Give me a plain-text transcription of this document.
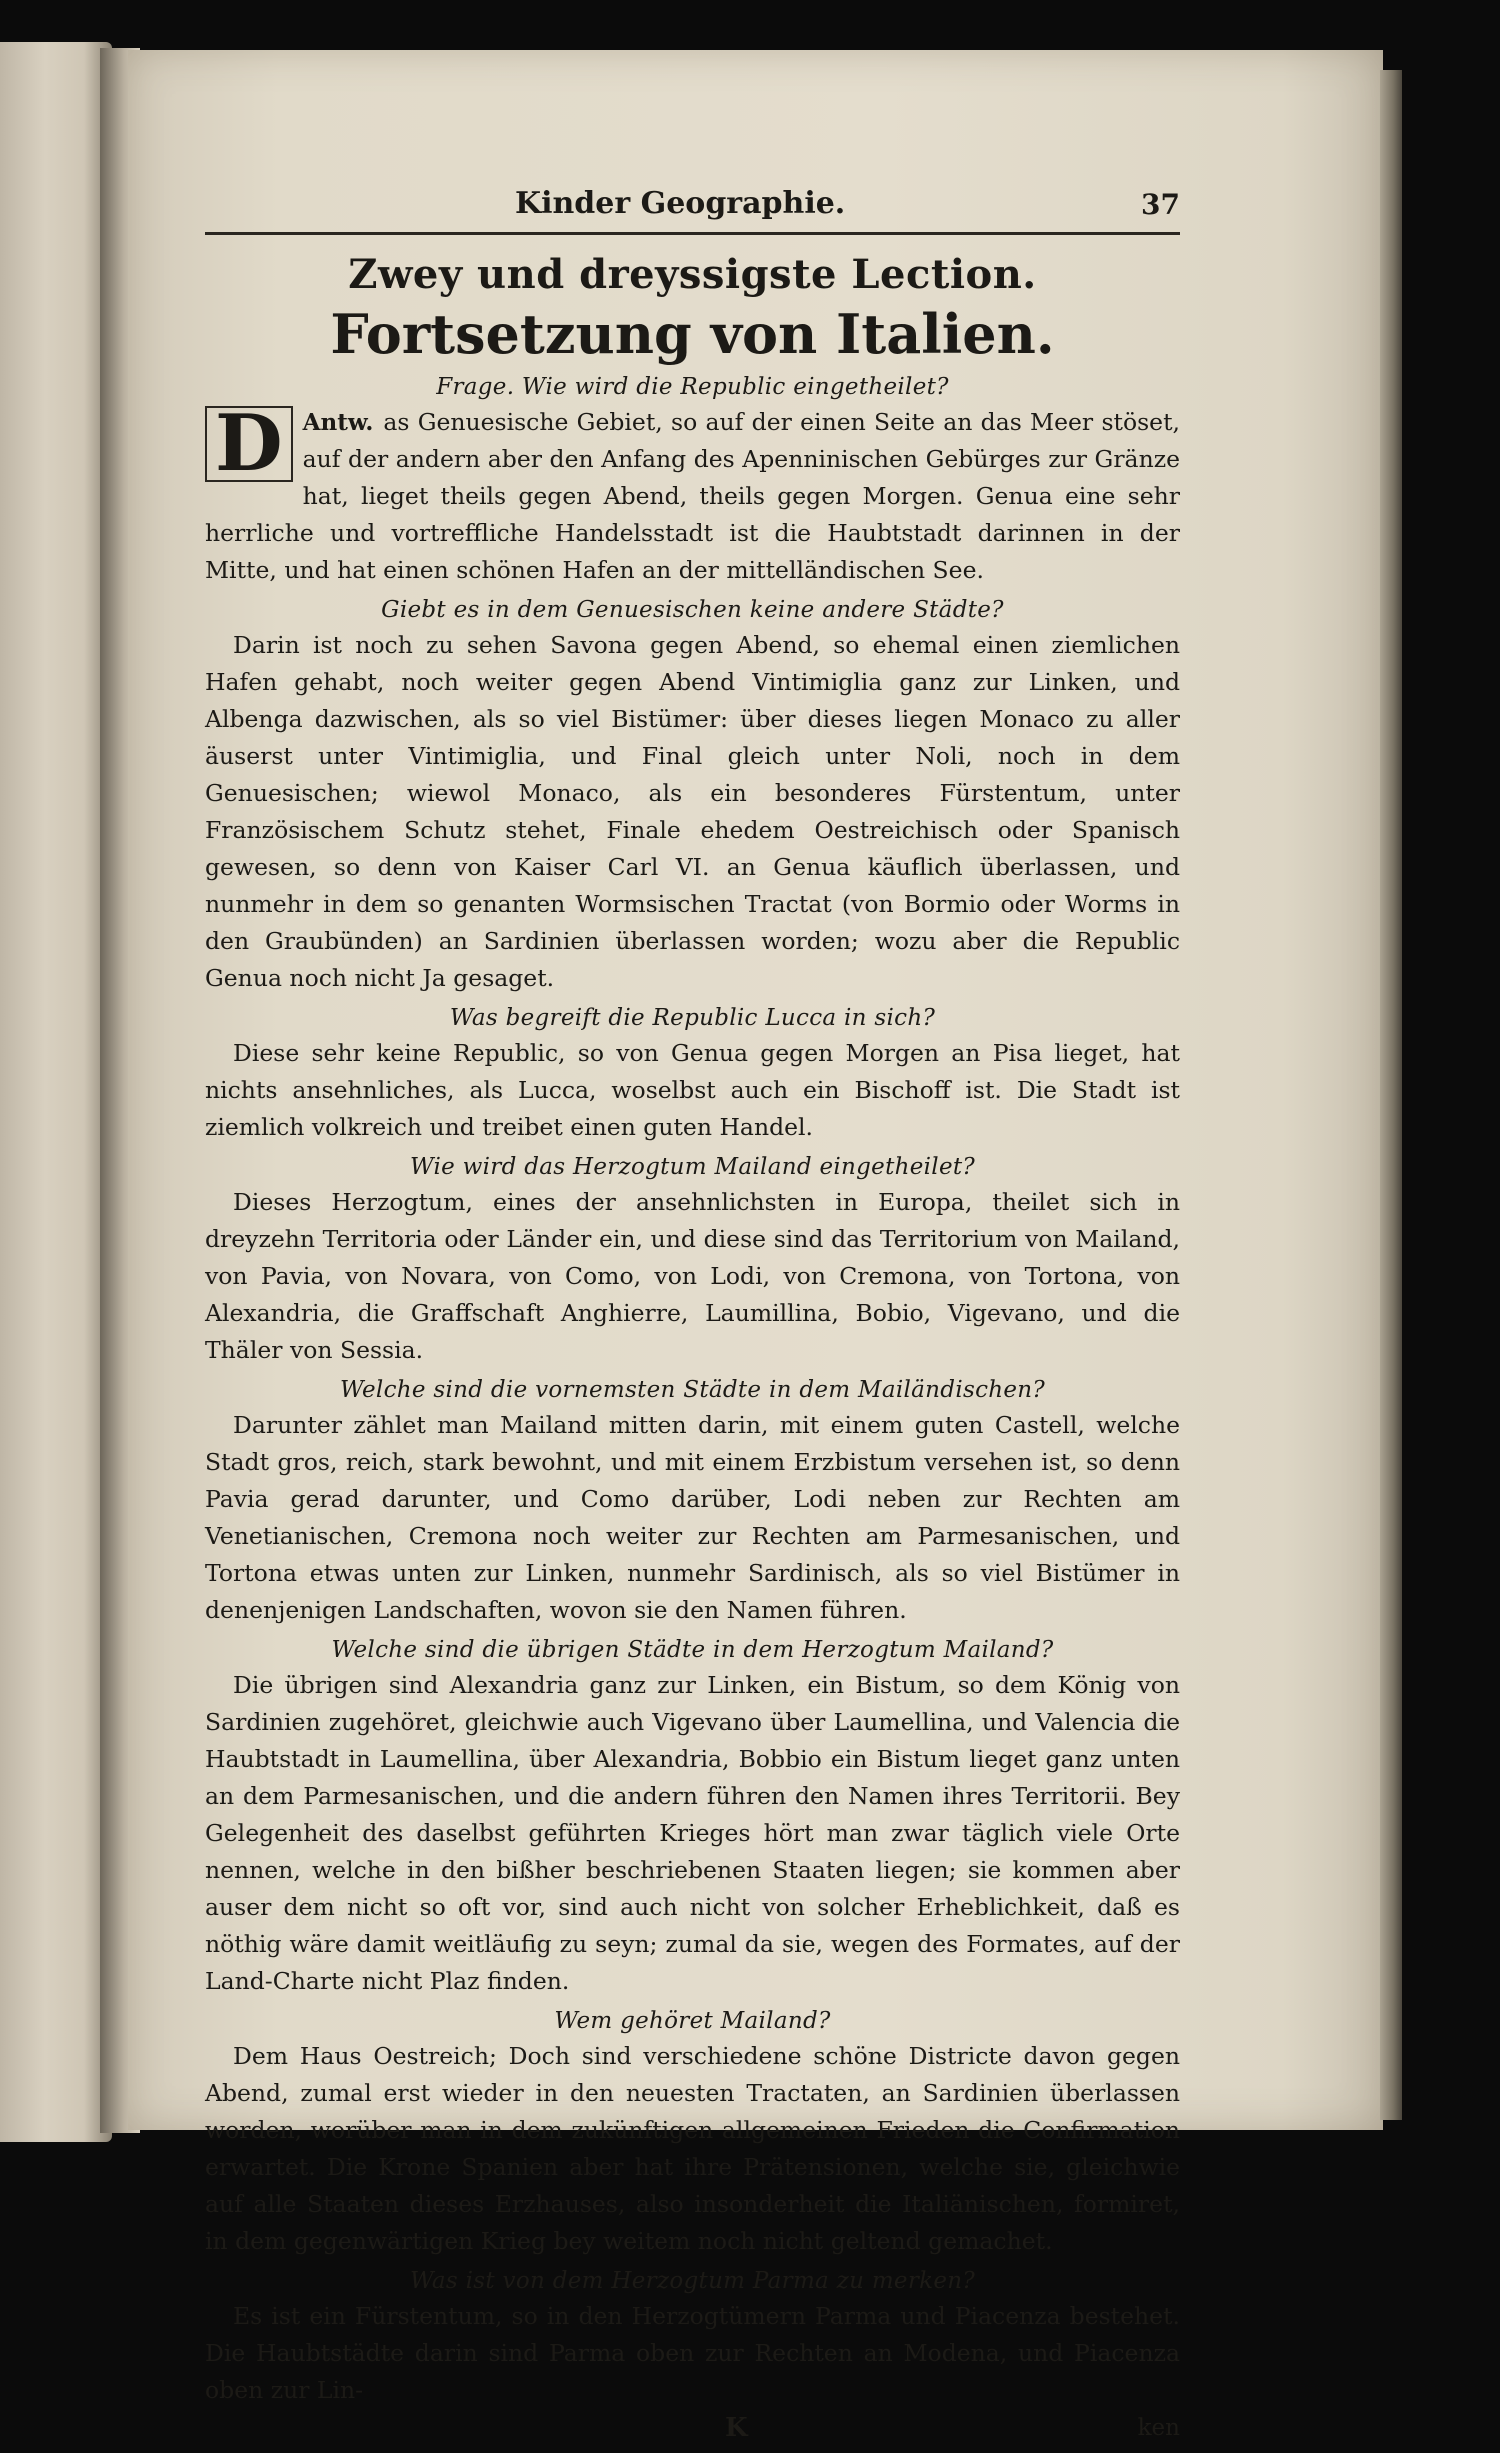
Kinder Geographie.	37
Zwey und dreyssigste Lection.
Fortsetzung von Italien.
Frage. Wie wird die Republic eingetheilet?

Antw.
D	as Genuesische Gebiet, so auf der einen Seite an das Meer stöset, auf der andern aber den Anfang des Apenninischen Gebürges zur Gränze hat, lieget theils gegen Abend, theils gegen Morgen. Genua eine sehr herrliche und vortreffliche Handelsstadt ist die Haubtstadt darinnen in der Mitte, und hat einen schönen Hafen an der mittelländischen See.

Giebt es in dem Genuesischen keine andere Städte?

Darin ist noch zu sehen Savona gegen Abend, so ehemal einen ziemlichen Hafen gehabt, noch weiter gegen Abend Vintimiglia ganz zur Linken, und Albenga dazwischen, als so viel Bistümer: über dieses liegen Monaco zu aller äuserst unter Vintimiglia, und Final gleich unter Noli, noch in dem Genuesischen; wiewol Monaco, als ein besonderes Fürstentum, unter Französischem Schutz stehet, Finale ehedem Oestreichisch oder Spanisch gewesen, so denn von Kaiser Carl VI. an Genua käuflich überlassen, und nunmehr in dem so genanten Wormsischen Tractat (von Bormio oder Worms in den Graubünden) an Sardinien überlassen worden; wozu aber die Republic Genua noch nicht Ja gesaget.

Was begreift die Republic Lucca in sich?

Diese sehr keine Republic, so von Genua gegen Morgen an Pisa lieget, hat nichts ansehnliches, als Lucca, woselbst auch ein Bischoff ist. Die Stadt ist ziemlich volkreich und treibet einen guten Handel.

Wie wird das Herzogtum Mailand eingetheilet?

Dieses Herzogtum, eines der ansehnlichsten in Europa, theilet sich in dreyzehn Territoria oder Länder ein, und diese sind das Territorium von Mailand, von Pavia, von Novara, von Como, von Lodi, von Cremona, von Tortona, von Alexandria, die Graffschaft Anghierre, Laumillina, Bobio, Vigevano, und die Thäler von Sessia.

Welche sind die vornemsten Städte in dem Mailändischen?

Darunter zählet man Mailand mitten darin, mit einem guten Castell, welche Stadt gros, reich, stark bewohnt, und mit einem Erzbistum versehen ist, so denn Pavia gerad darunter, und Como darüber, Lodi neben zur Rechten am Venetianischen, Cremona noch weiter zur Rechten am Parmesanischen, und Tortona etwas unten zur Linken, nunmehr Sardinisch, als so viel Bistümer in denenjenigen Landschaften, wovon sie den Namen führen.

Welche sind die übrigen Städte in dem Herzogtum Mailand?

Die übrigen sind Alexandria ganz zur Linken, ein Bistum, so dem König von Sardinien zugehöret, gleichwie auch Vigevano über Laumellina, und Valencia die Haubtstadt in Laumellina, über Alexandria, Bobbio ein Bistum lieget ganz unten an dem Parmesanischen, und die andern führen den Namen ihres Territorii. Bey Gelegenheit des daselbst geführten Krieges hört man zwar täglich viele Orte nennen, welche in den bißher beschriebenen Staaten liegen; sie kommen aber auser dem nicht so oft vor, sind auch nicht von solcher Erheblichkeit, daß es nöthig wäre damit weitläufig zu seyn; zumal da sie, wegen des Formates, auf der Land-Charte nicht Plaz finden.

Wem gehöret Mailand?

Dem Haus Oestreich; Doch sind verschiedene schöne Districte davon gegen Abend, zumal erst wieder in den neuesten Tractaten, an Sardinien überlassen worden, worüber man in dem zukünftigen allgemeinen Frieden die Confirmation erwartet. Die Krone Spanien aber hat ihre Prätensionen, welche sie, gleichwie auf alle Staaten dieses Erzhauses, also insonderheit die Italiänischen, formiret, in dem gegenwärtigen Krieg bey weitem noch nicht geltend gemachet.

Was ist von dem Herzogtum Parma zu merken?

Es ist ein Fürstentum, so in den Herzogtümern Parma und Piacenza bestehet. Die Haubtstädte darin sind Parma oben zur Rechten an Modena, und Piacenza oben zur Lin-

K	ken
